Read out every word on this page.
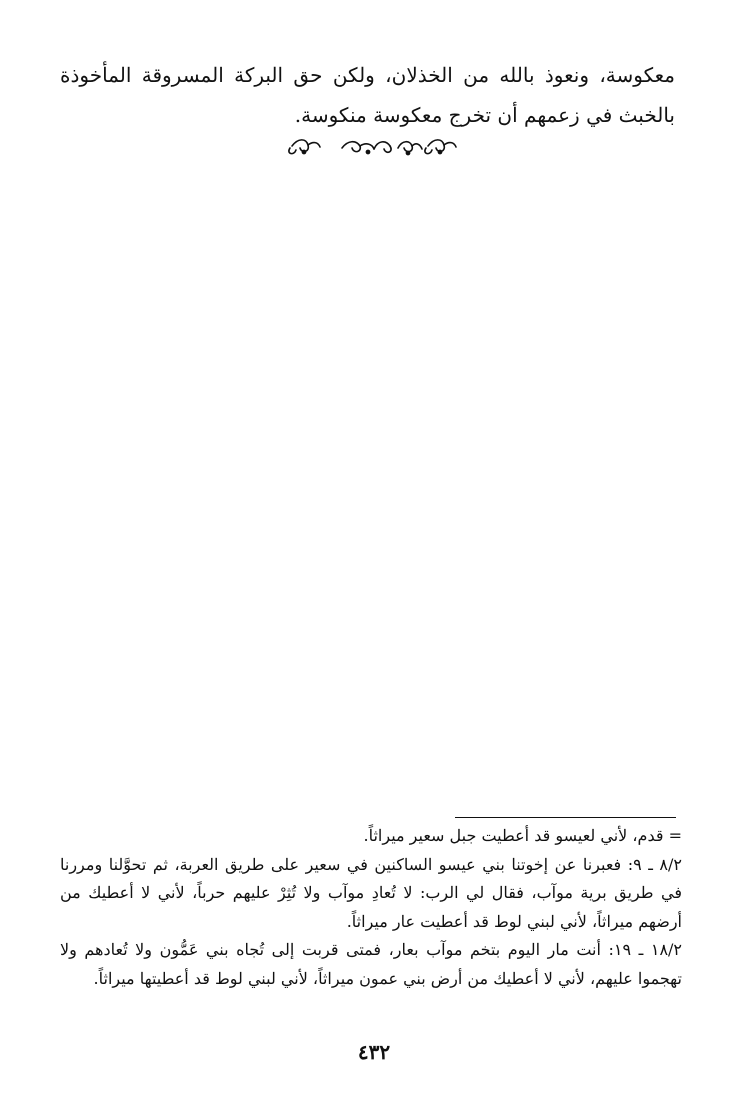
معكوسة، ونعوذ بالله من الخذلان، ولكن حق البركة المسروقة المأخوذة بالخبث في زعمهم أن تخرج معكوسة منكوسة.

= قدم، لأني لعيسو قد أعطيت جبل سعير ميراثاً.

٨/٢ ـ ٩: فعبرنا عن إخوتنا بني عيسو الساكنين في سعير على طريق العربة، ثم تحوَّلنا ومررنا في طريق برية موآب، فقال لي الرب: لا تُعادِ موآب ولا تُثِرْ عليهم حرباً، لأني لا أعطيك من أرضهم ميراثاً، لأني لبني لوط قد أعطيت عار ميراثاً.

١٨/٢ ـ ١٩: أنت مار اليوم بتخم موآب بعار، فمتى قربت إلى تُجاه بني عَمُّون ولا تُعادهم ولا تهجموا عليهم، لأني لا أعطيك من أرض بني عمون ميراثاً، لأني لبني لوط قد أعطيتها ميراثاً.

٤٣٢
